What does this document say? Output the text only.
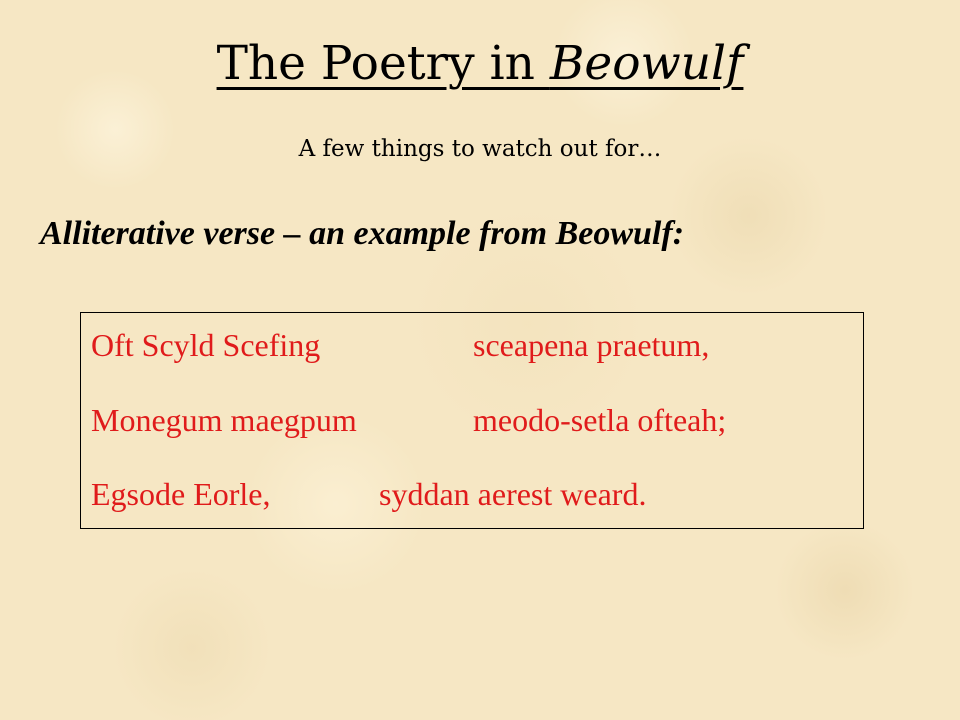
The Poetry in Beowulf
A few things to watch out for…
Alliterative verse – an example from Beowulf:
Oft Scyld Scefing	sceapena praetum,
Monegum maegpum	meodo-setla ofteah;
Egsode Eorle,	syddan aerest weard.
